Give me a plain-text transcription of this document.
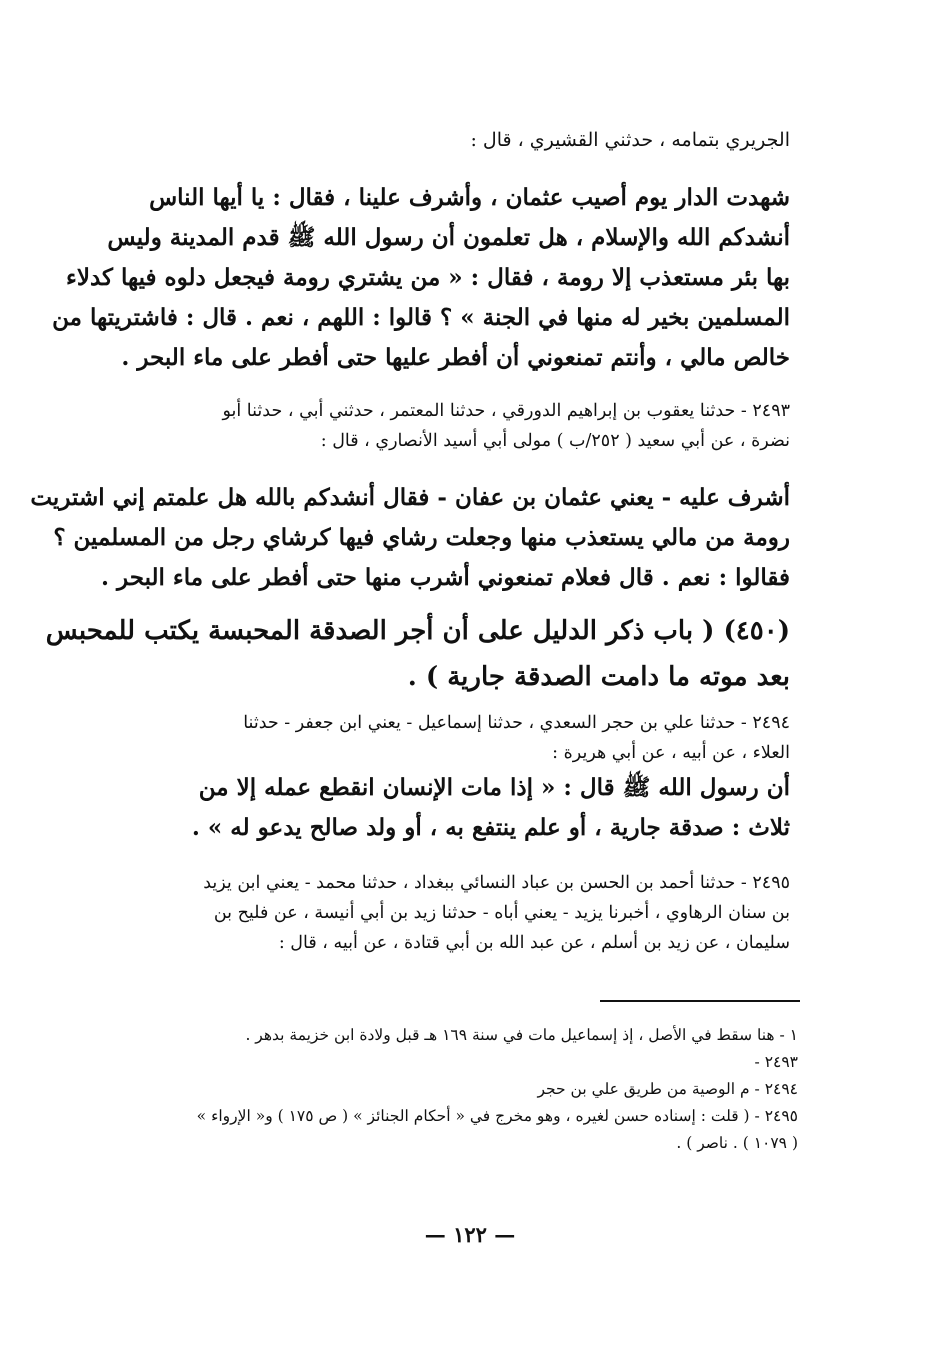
الجريري بتمامه ، حدثني القشيري ، قال :
شهدت الدار يوم أصيب عثمان ، وأشرف علينا ، فقال : يا أيها الناس
أنشدكم الله والإسلام ، هل تعلمون أن رسول الله ﷺ قدم المدينة وليس
بها بئر مستعذب إلا رومة ، فقال : « من يشتري رومة فيجعل دلوه فيها كدلاء
المسلمين بخير له منها في الجنة » ؟ قالوا : اللهم ، نعم . قال : فاشتريتها من
خالص مالي ، وأنتم تمنعوني أن أفطر عليها حتى أفطر على ماء البحر .
٢٤٩٣ - حدثنا يعقوب بن إبراهيم الدورقي ، حدثنا المعتمر ، حدثني أبي ، حدثنا أبو
نضرة ، عن أبي سعيد ( ٢٥٢/ب ) مولى أبي أسيد الأنصاري ، قال :
أشرف عليه - يعني عثمان بن عفان - فقال أنشدكم بالله هل علمتم إني اشتريت
رومة من مالي يستعذب منها وجعلت رشاي فيها كرشاي رجل من المسلمين ؟
فقالوا : نعم . قال فعلام تمنعوني أشرب منها حتى أفطر على ماء البحر .
(٤٥٠) ( باب ذكر الدليل على أن أجر الصدقة المحبسة يكتب للمحبس
بعد موته ما دامت الصدقة جارية ) .
٢٤٩٤ - حدثنا علي بن حجر السعدي ، حدثنا إسماعيل - يعني ابن جعفر - حدثنا
العلاء ، عن أبيه ، عن أبي هريرة :
أن رسول الله ﷺ قال : « إذا مات الإنسان انقطع عمله إلا من
ثلاث : صدقة جارية ، أو علم ينتفع به ، أو ولد صالح يدعو له » .
٢٤٩٥ - حدثنا أحمد بن الحسن بن عباد النسائي ببغداد ، حدثنا محمد - يعني ابن يزيد
بن سنان الرهاوي ، أخبرنا يزيد - يعني أباه - حدثنا زيد بن أبي أنيسة ، عن فليح بن
سليمان ، عن زيد بن أسلم ، عن عبد الله بن أبي قتادة ، عن أبيه ، قال :
١ - هنا سقط في الأصل ، إذ إسماعيل مات في سنة ١٦٩ هـ قبل ولادة ابن خزيمة بدهر .
٢٤٩٣ -
٢٤٩٤ - م الوصية من طريق علي بن حجر
٢٤٩٥ - ( قلت : إسناده حسن لغيره ، وهو مخرج في « أحكام الجنائز » ( ص ١٧٥ ) و« الإرواء »
( ١٠٧٩ ) . ناصر ) .
— ١٢٢ —
